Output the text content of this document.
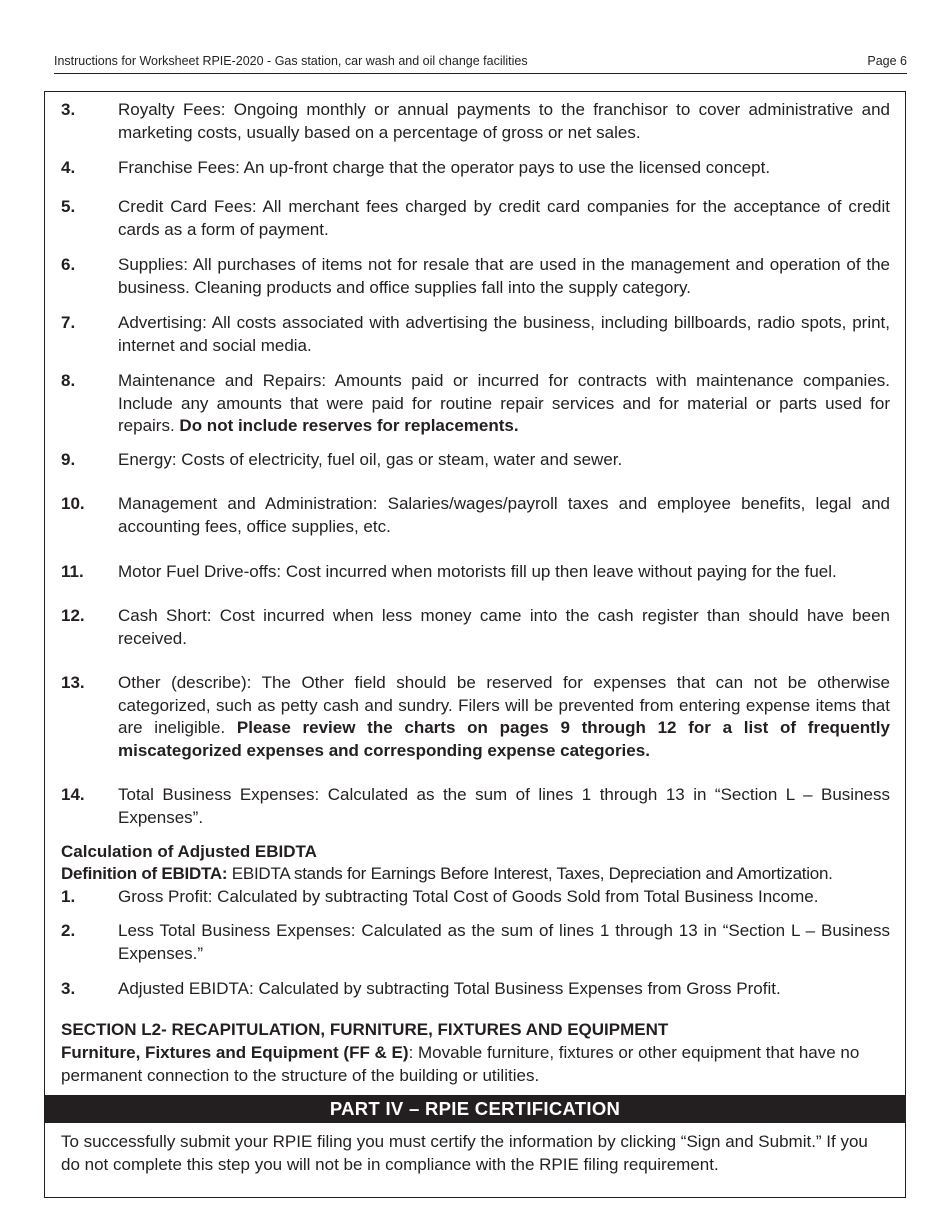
Instructions for Worksheet RPIE-2020 - Gas station, car wash and oil change facilities	Page 6
3.	Royalty Fees: Ongoing monthly or annual payments to the franchisor to cover administrative and marketing costs, usually based on a percentage of gross or net sales.
4.	Franchise Fees: An up-front charge that the operator pays to use the licensed concept.
5.	Credit Card Fees: All merchant fees charged by credit card companies for the acceptance of credit cards as a form of payment.
6.	Supplies: All purchases of items not for resale that are used in the management and operation of the business. Cleaning products and office supplies fall into the supply category.
7.	Advertising: All costs associated with advertising the business, including billboards, radio spots, print, internet and social media.
8.	Maintenance and Repairs: Amounts paid or incurred for contracts with maintenance companies. Include any amounts that were paid for routine repair services and for material or parts used for repairs. Do not include reserves for replacements.
9.	Energy: Costs of electricity, fuel oil, gas or steam, water and sewer.
10. Management and Administration: Salaries/wages/payroll taxes and employee benefits, legal and accounting fees, office supplies, etc.
11. Motor Fuel Drive-offs: Cost incurred when motorists fill up then leave without paying for the fuel.
12. Cash Short: Cost incurred when less money came into the cash register than should have been received.
13. Other (describe): The Other field should be reserved for expenses that can not be otherwise categorized, such as petty cash and sundry. Filers will be prevented from entering expense items that are ineligible. Please review the charts on pages 9 through 12 for a list of frequently miscategorized expenses and corresponding expense categories.
14. Total Business Expenses: Calculated as the sum of lines 1 through 13 in “Section L – Business Expenses”.
Calculation of Adjusted EBIDTA
Definition of EBIDTA: EBIDTA stands for Earnings Before Interest, Taxes, Depreciation and Amortization.
1.	Gross Profit: Calculated by subtracting Total Cost of Goods Sold from Total Business Income.
2.	Less Total Business Expenses: Calculated as the sum of lines 1 through 13 in “Section L – Business Expenses.”
3.	Adjusted EBIDTA: Calculated by subtracting Total Business Expenses from Gross Profit.
SECTION L2- RECAPITULATION, FURNITURE, FIXTURES AND EQUIPMENT
Furniture, Fixtures and Equipment (FF & E): Movable furniture, fixtures or other equipment that have no permanent connection to the structure of the building or utilities.
PART IV – RPIE CERTIFICATION
To successfully submit your RPIE filing you must certify the information by clicking “Sign and Submit.” If you do not complete this step you will not be in compliance with the RPIE filing requirement.
